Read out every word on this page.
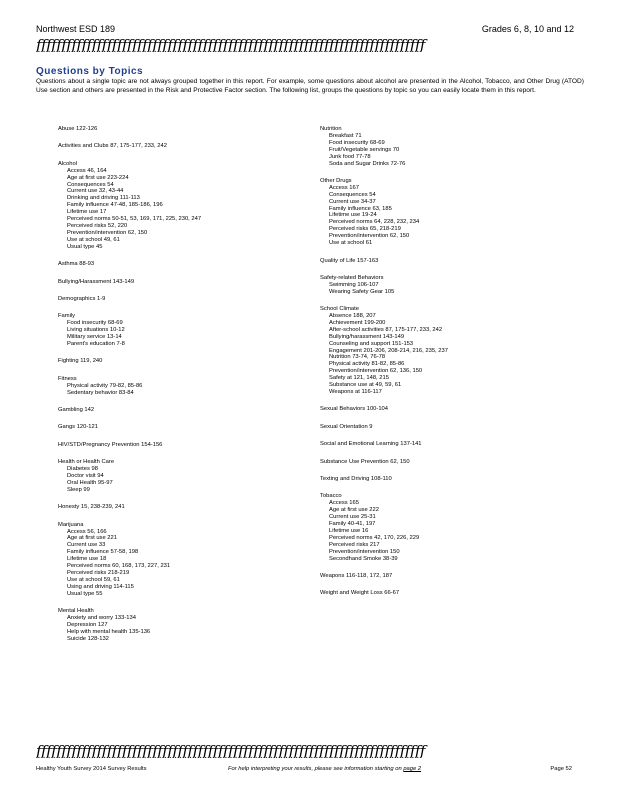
Northwest ESD 189	Grades 6, 8, 10 and 12
ƒƒƒƒƒƒƒƒƒƒƒƒƒƒƒƒƒƒƒƒƒƒƒƒƒƒƒƒƒƒƒƒƒƒƒƒƒƒƒƒƒƒƒƒƒƒƒƒƒƒƒƒƒƒƒƒƒƒƒƒƒƒƒƒƒƒƒƒƒƒƒƒƒƒƒƒƒ
Questions by Topics
Questions about a single topic are not always grouped together in this report. For example, some questions about alcohol are presented in the Alcohol, Tobacco, and Other Drug (ATOD) Use section and others are presented in the Risk and Protective Factor section. The following list, groups the questions by topic so you can easily locate them in this report.
Abuse 122-126
Activities and Clubs 87, 175-177, 233, 242
Alcohol
Access 46, 164
Age at first use 223-224
Consequences 54
Current use 32, 43-44
Drinking and driving 111-113
Family influence 47-48, 185-186, 196
Lifetime use 17
Perceived norms 50-51, 53, 169, 171, 225, 230, 247
Perceived risks 52, 220
Prevention/intervention 62, 150
Use at school 49, 61
Usual type 45
Asthma 88-93
Bullying/Harassment 143-149
Demographics 1-9
Family
Food insecurity 68-69
Living situations 10-12
Military service 13-14
Parent's education 7-8
Fighting 119, 240
Fitness
Physical activity 79-82, 85-86
Sedentary behavior 83-84
Gambling 142
Gangs 120-121
HIV/STD/Pregnancy Prevention 154-156
Health or Health Care
Diabetes 98
Doctor visit 94
Oral Health 95-97
Sleep 99
Honesty 15, 238-239, 241
Marijuana
Access 56, 166
Age at first use 221
Current use 33
Family influence 57-58, 198
Lifetime use 18
Perceived norms 60, 168, 173, 227, 231
Perceived risks 218-219
Use at school 59, 61
Using and driving 114-115
Usual type 55
Mental Health
Anxiety and worry 133-134
Depression 127
Help with mental health 135-136
Suicide 128-132
Nutrition
Breakfast 71
Food insecurity 68-69
Fruit/Vegetable servings 70
Junk food 77-78
Soda and Sugar Drinks 72-76
Other Drugs
Access 167
Consequences 54
Current use 34-37
Family influence 63, 185
Lifetime use 19-24
Perceived norms 64, 228, 232, 234
Perceived risks 65, 218-219
Prevention/intervention 62, 150
Use at school 61
Quality of Life 157-163
Safety-related Behaviors
Swimming 106-107
Wearing Safety Gear 105
School Climate
Absence 188, 207
Achievement 199-200
After-school activities 87, 175-177, 233, 242
Bullying/harassment 143-149
Counseling and support 151-153
Engagement 201-206, 208-214, 216, 235, 237
Nutrition 73-74, 76-78
Physical activity 81-82, 85-86
Prevention/intervention 62, 136, 150
Safety at 121, 148, 215
Substance use at 49, 59, 61
Weapons at 116-117
Sexual Behaviors 100-104
Sexual Orientation 9
Social and Emotional Learning 137-141
Substance Use Prevention 62, 150
Texting and Driving 108-110
Tobacco
Access 165
Age at first use 222
Current use 25-31
Family 40-41, 197
Lifetime use 16
Perceived norms 42, 170, 226, 229
Perceived risks 217
Prevention/intervention 150
Secondhand Smoke 38-39
Weapons 116-118, 172, 187
Weight and Weight Loss 66-67
ƒƒƒƒƒƒƒƒƒƒƒƒƒƒƒƒƒƒƒƒƒƒƒƒƒƒƒƒƒƒƒƒƒƒƒƒƒƒƒƒƒƒƒƒƒƒƒƒƒƒƒƒƒƒƒƒƒƒƒƒƒƒƒƒƒƒƒƒƒƒƒƒƒƒƒƒƒ
Healthy Youth Survey 2014 Survey Results	For help interpreting your results, please see information starting on page 2	Page 52
